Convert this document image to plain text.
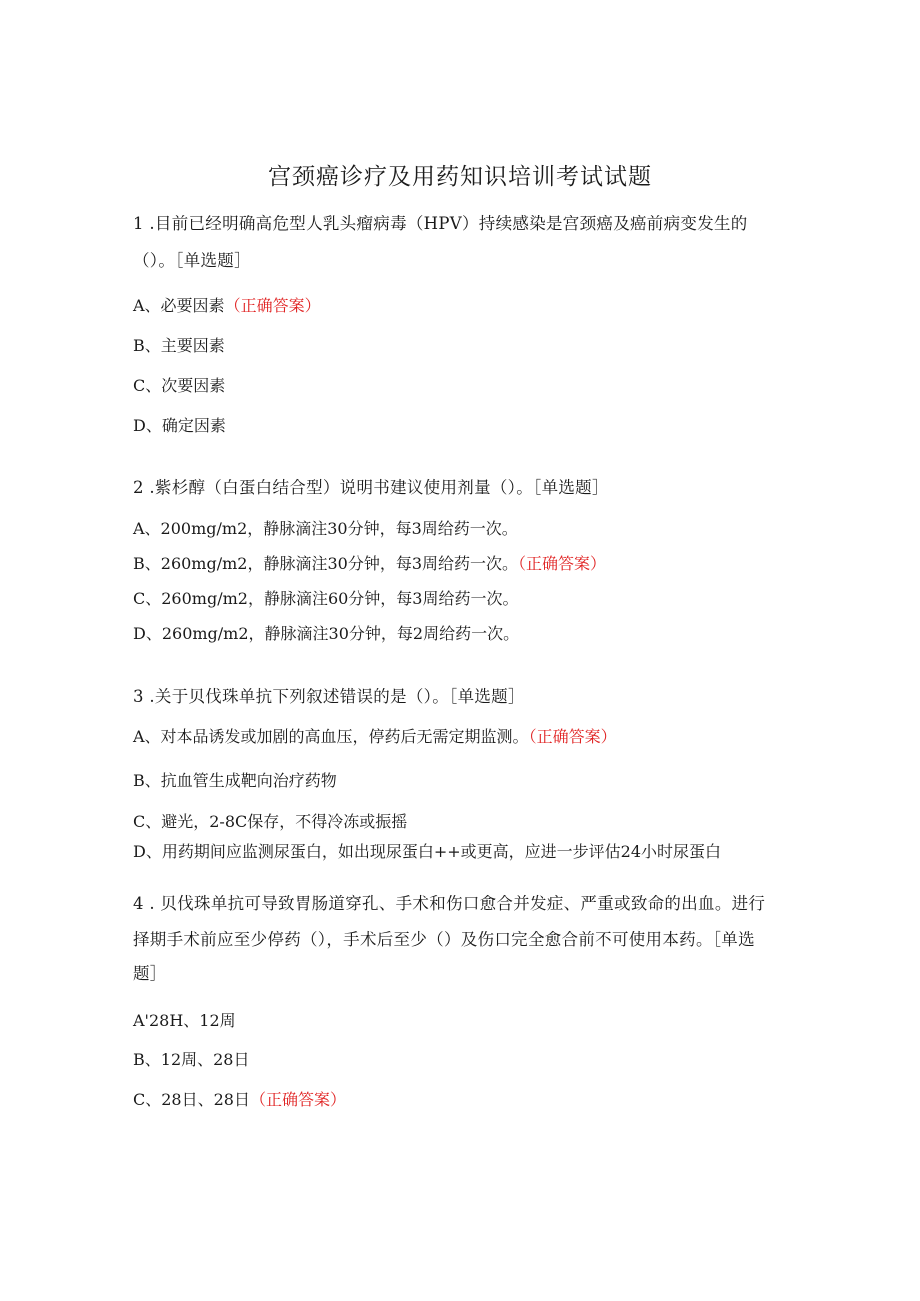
宫颈癌诊疗及用药知识培训考试试题
1 .目前已经明确高危型人乳头瘤病毒（HPV）持续感染是宫颈癌及癌前病变发生的
（）。［单选题］
A、必要因素（正确答案）
B、主要因素
C、次要因素
D、确定因素
2 .紫杉醇（白蛋白结合型）说明书建议使用剂量（）。［单选题］
A、200mg∕m2，静脉滴注30分钟，每3周给药一次。
B、260mg∕m2，静脉滴注30分钟，每3周给药一次。（正确答案）
C、260mg∕m2，静脉滴注60分钟，每3周给药一次。
D、260mg∕m2，静脉滴注30分钟，每2周给药一次。
3 .关于贝伐珠单抗下列叙述错误的是（）。［单选题］
A、对本品诱发或加剧的高血压，停药后无需定期监测。（正确答案）
B、抗血管生成靶向治疗药物
C、避光，2-8C保存，不得冷冻或振摇
D、用药期间应监测尿蛋白，如出现尿蛋白++或更高，应进一步评估24小时尿蛋白
4 . 贝伐珠单抗可导致胃肠道穿孔、手术和伤口愈合并发症、严重或致命的出血。进行
择期手术前应至少停药（），手术后至少（）及伤口完全愈合前不可使用本药。［单选
题］
A'28H、12周
B、12周、28日
C、28日、28日（正确答案）
